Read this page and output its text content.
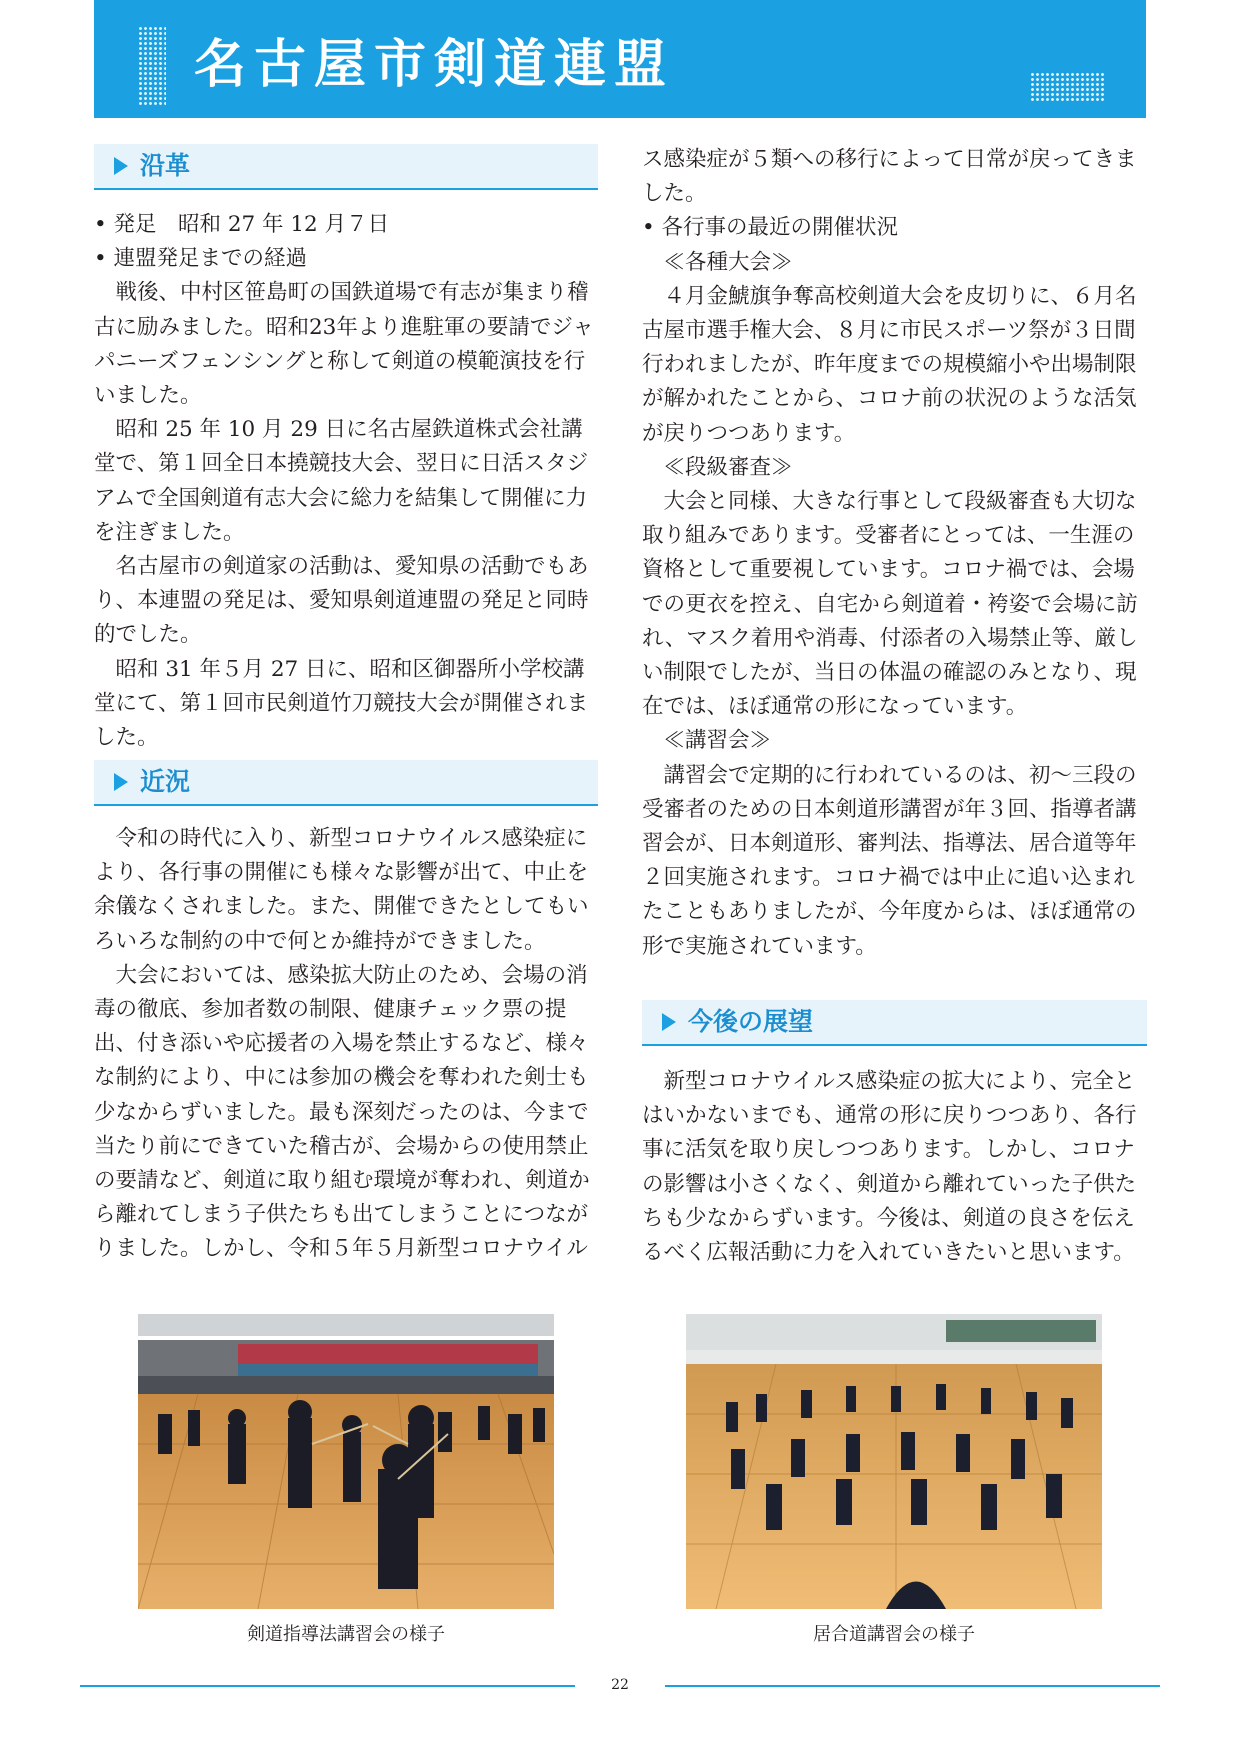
名古屋市剣道連盟
沿革

• 発足　昭和 27 年 12 月７日

• 連盟発足までの経過

戦後、中村区笹島町の国鉄道場で有志が集まり稽古に励みました。昭和23年より進駐軍の要請でジャパニーズフェンシングと称して剣道の模範演技を行いました。

昭和 25 年 10 月 29 日に名古屋鉄道株式会社講堂で、第１回全日本撓競技大会、翌日に日活スタジアムで全国剣道有志大会に総力を結集して開催に力を注ぎました。

名古屋市の剣道家の活動は、愛知県の活動でもあり、本連盟の発足は、愛知県剣道連盟の発足と同時的でした。

昭和 31 年５月 27 日に、昭和区御器所小学校講堂にて、第１回市民剣道竹刀競技大会が開催されました。

近況

令和の時代に入り、新型コロナウイルス感染症により、各行事の開催にも様々な影響が出て、中止を余儀なくされました。また、開催できたとしてもいろいろな制約の中で何とか維持ができました。

大会においては、感染拡大防止のため、会場の消毒の徹底、参加者数の制限、健康チェック票の提出、付き添いや応援者の入場を禁止するなど、様々な制約により、中には参加の機会を奪われた剣士も少なからずいました。最も深刻だったのは、今まで当たり前にできていた稽古が、会場からの使用禁止の要請など、剣道に取り組む環境が奪われ、剣道から離れてしまう子供たちも出てしまうことにつながりました。しかし、令和５年５月新型コロナウイル

ス感染症が５類への移行によって日常が戻ってきました。

• 各行事の最近の開催状況

≪各種大会≫

４月金鯱旗争奪高校剣道大会を皮切りに、６月名古屋市選手権大会、８月に市民スポーツ祭が３日間行われましたが、昨年度までの規模縮小や出場制限が解かれたことから、コロナ前の状況のような活気が戻りつつあります。

≪段級審査≫

大会と同様、大きな行事として段級審査も大切な取り組みであります。受審者にとっては、一生涯の資格として重要視しています。コロナ禍では、会場での更衣を控え、自宅から剣道着・袴姿で会場に訪れ、マスク着用や消毒、付添者の入場禁止等、厳しい制限でしたが、当日の体温の確認のみとなり、現在では、ほぼ通常の形になっています。

≪講習会≫

講習会で定期的に行われているのは、初～三段の受審者のための日本剣道形講習が年３回、指導者講習会が、日本剣道形、審判法、指導法、居合道等年２回実施されます。コロナ禍では中止に追い込まれたこともありましたが、今年度からは、ほぼ通常の形で実施されています。

今後の展望

新型コロナウイルス感染症の拡大により、完全とはいかないまでも、通常の形に戻りつつあり、各行事に活気を取り戻しつつあります。しかし、コロナの影響は小さくなく、剣道から離れていった子供たちも少なからずいます。今後は、剣道の良さを伝えるべく広報活動に力を入れていきたいと思います。

剣道指導法講習会の様子	居合道講習会の様子
22
